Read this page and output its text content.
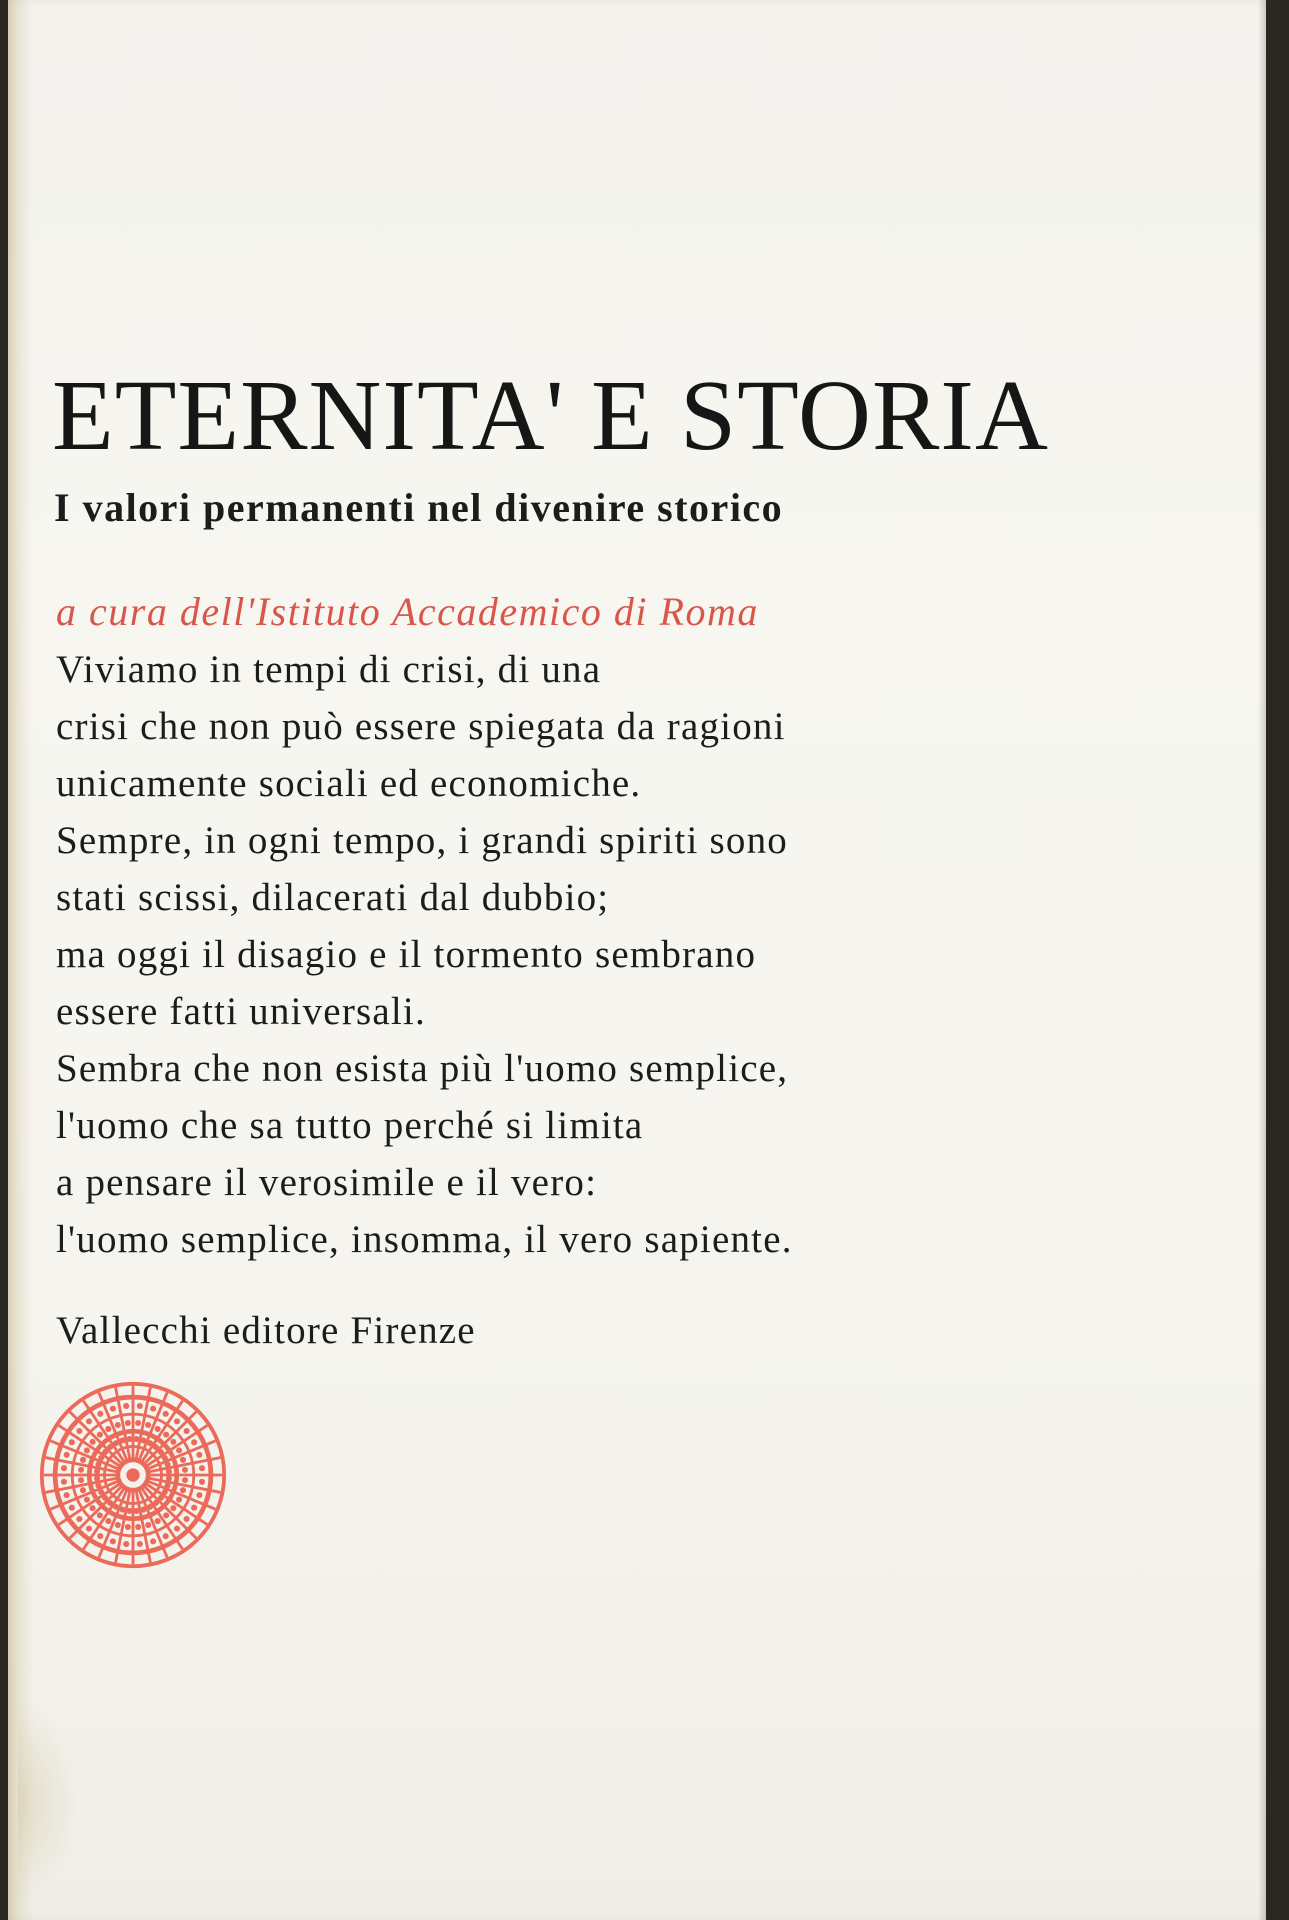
ETERNITA' E STORIA
I valori permanenti nel divenire storico

a cura dell'Istituto Accademico di Roma

Viviamo in tempi di crisi, di una
crisi che non può essere spiegata da ragioni
unicamente sociali ed economiche.
Sempre, in ogni tempo, i grandi spiriti sono
stati scissi, dilacerati dal dubbio;
ma oggi il disagio e il tormento sembrano
essere fatti universali.
Sembra che non esista più l'uomo semplice,
l'uomo che sa tutto perché si limita
a pensare il verosimile e il vero:
l'uomo semplice, insomma, il vero sapiente.

Vallecchi editore Firenze
